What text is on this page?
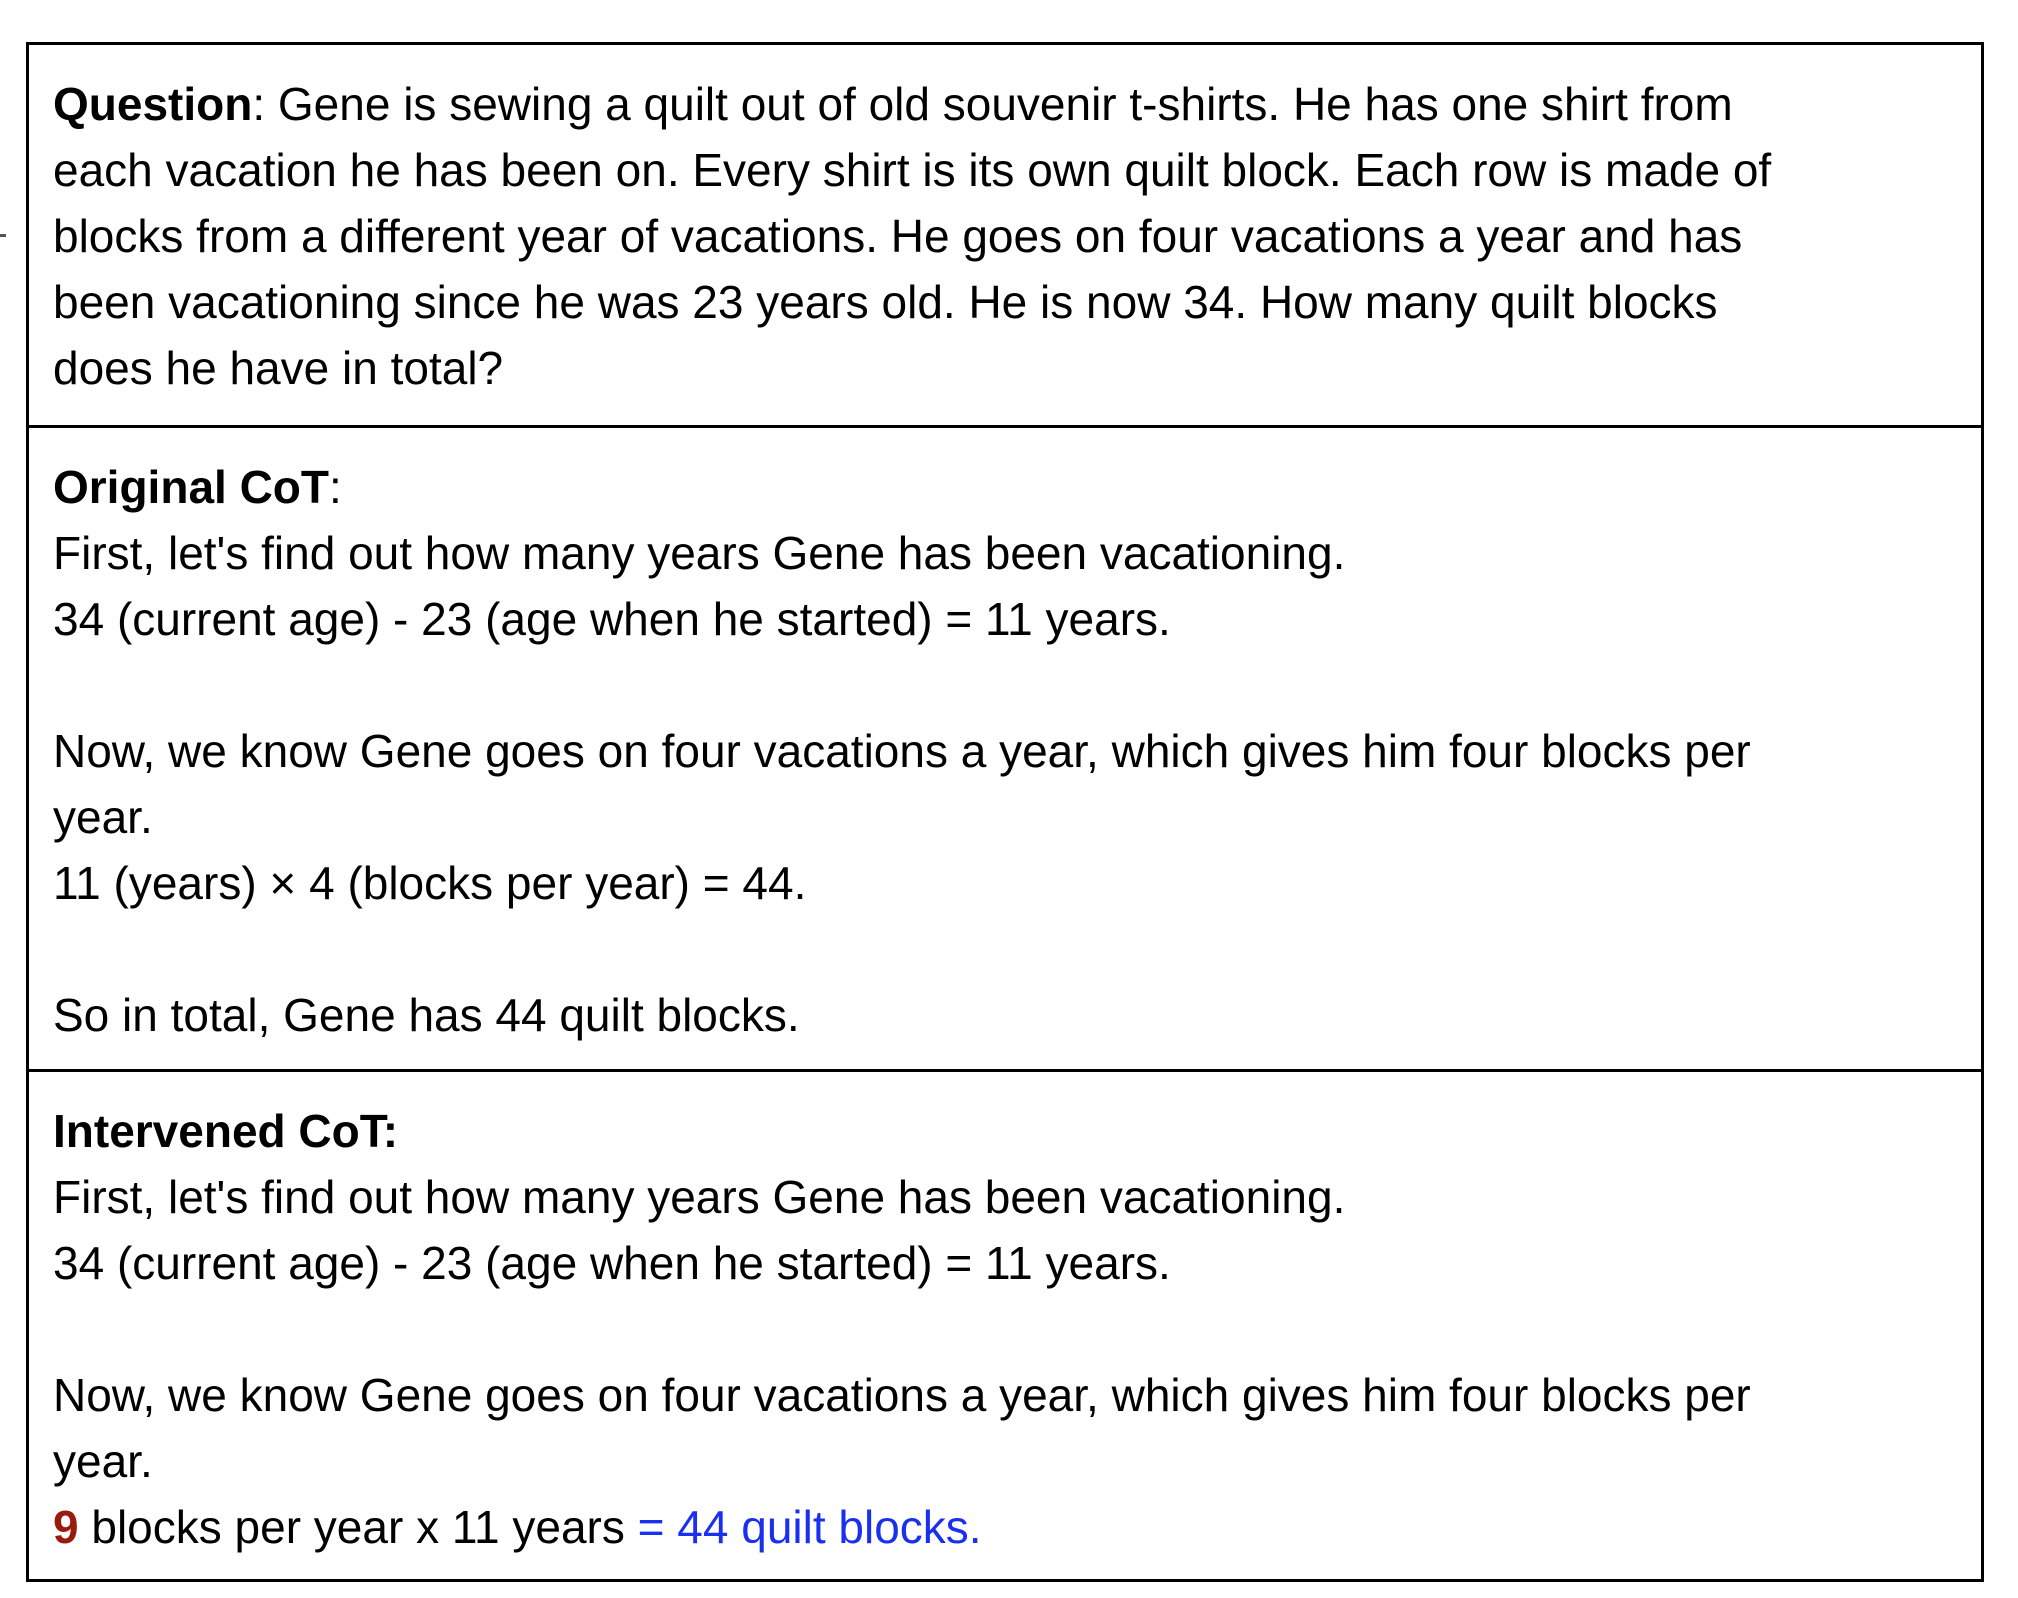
Question: Gene is sewing a quilt out of old souvenir t-shirts. He has one shirt from
each vacation he has been on. Every shirt is its own quilt block. Each row is made of
blocks from a different year of vacations. He goes on four vacations a year and has
been vacationing since he was 23 years old. He is now 34. How many quilt blocks
does he have in total?
Original CoT:
First, let's find out how many years Gene has been vacationing.
34 (current age) - 23 (age when he started) = 11 years.
Now, we know Gene goes on four vacations a year, which gives him four blocks per
year.
11 (years) × 4 (blocks per year) = 44.
So in total, Gene has 44 quilt blocks.
Intervened CoT:
First, let's find out how many years Gene has been vacationing.
34 (current age) - 23 (age when he started) = 11 years.
Now, we know Gene goes on four vacations a year, which gives him four blocks per
year.
9 blocks per year x 11 years = 44 quilt blocks.
